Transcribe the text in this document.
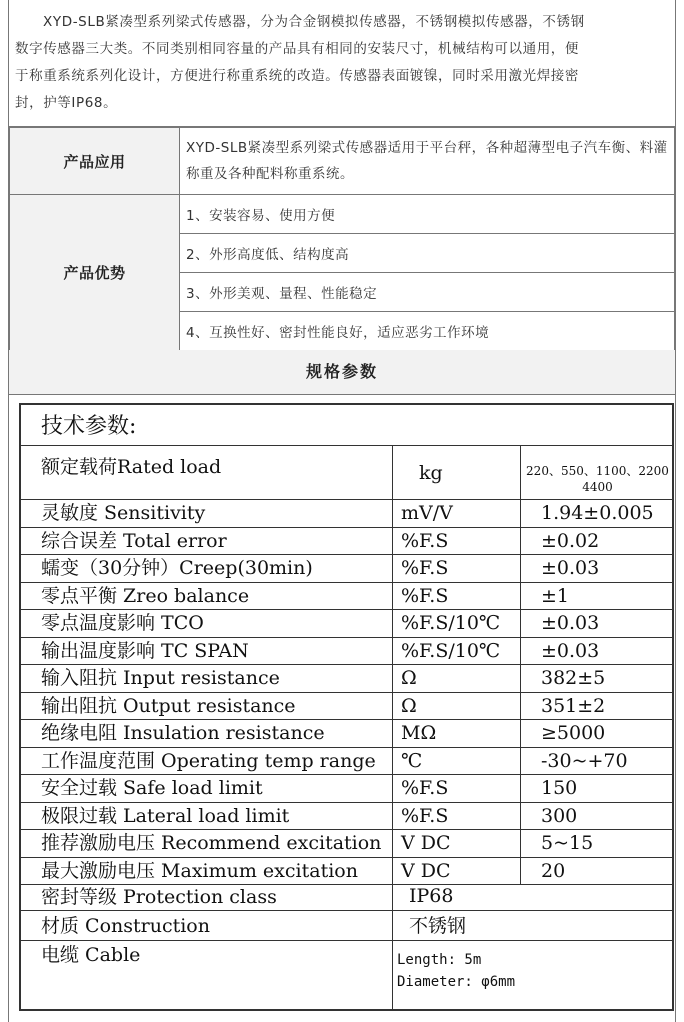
XYD-SLB紧凑型系列梁式传感器，分为合金钢模拟传感器，不锈钢模拟传感器，不锈钢
数字传感器三大类。不同类别相同容量的产品具有相同的安装尺寸，机械结构可以通用，便
于称重系统系列化设计，方便进行称重系统的改造。传感器表面镀镍，同时采用激光焊接密
封，护等IP68。
产品应用	XYD-SLB紧凑型系列梁式传感器适用于平台秤，各种超薄型电子汽车衡、料灌称重及各种配料称重系统。
产品优势	1、安装容易、使用方便
	2、外形高度低、结构度高
	3、外形美观、量程、性能稳定
	4、互换性好、密封性能良好，适应恶劣工作环境
规格参数
技术参数:
额定载荷Rated load	kg	220、550、1100、2200
4400
灵敏度 Sensitivity	mV/V	1.94±0.005
综合误差 Total error	%F.S	±0.02
蠕变（30分钟）Creep(30min)	%F.S	±0.03
零点平衡 Zreo balance	%F.S	±1
零点温度影响 TCO	%F.S/10℃ ±0.03
输出温度影响 TC SPAN	%F.S/10℃ ±0.03
输入阻抗 Input resistance	Ω	382±5
输出阻抗 Output resistance	Ω	351±2
绝缘电阻 Insulation resistance	MΩ	≥5000
工作温度范围 Operating temp range ℃	-30~+70
安全过载 Safe load limit	%F.S	150
极限过载 Lateral load limit	%F.S	300
推荐激励电压 Recommend excitation V DC	5~15
最大激励电压 Maximum excitation V DC	20
密封等级 Protection class	IP68
材质 Construction	不锈钢
电缆 Cable	Length: 5m
Diameter: φ6mm
